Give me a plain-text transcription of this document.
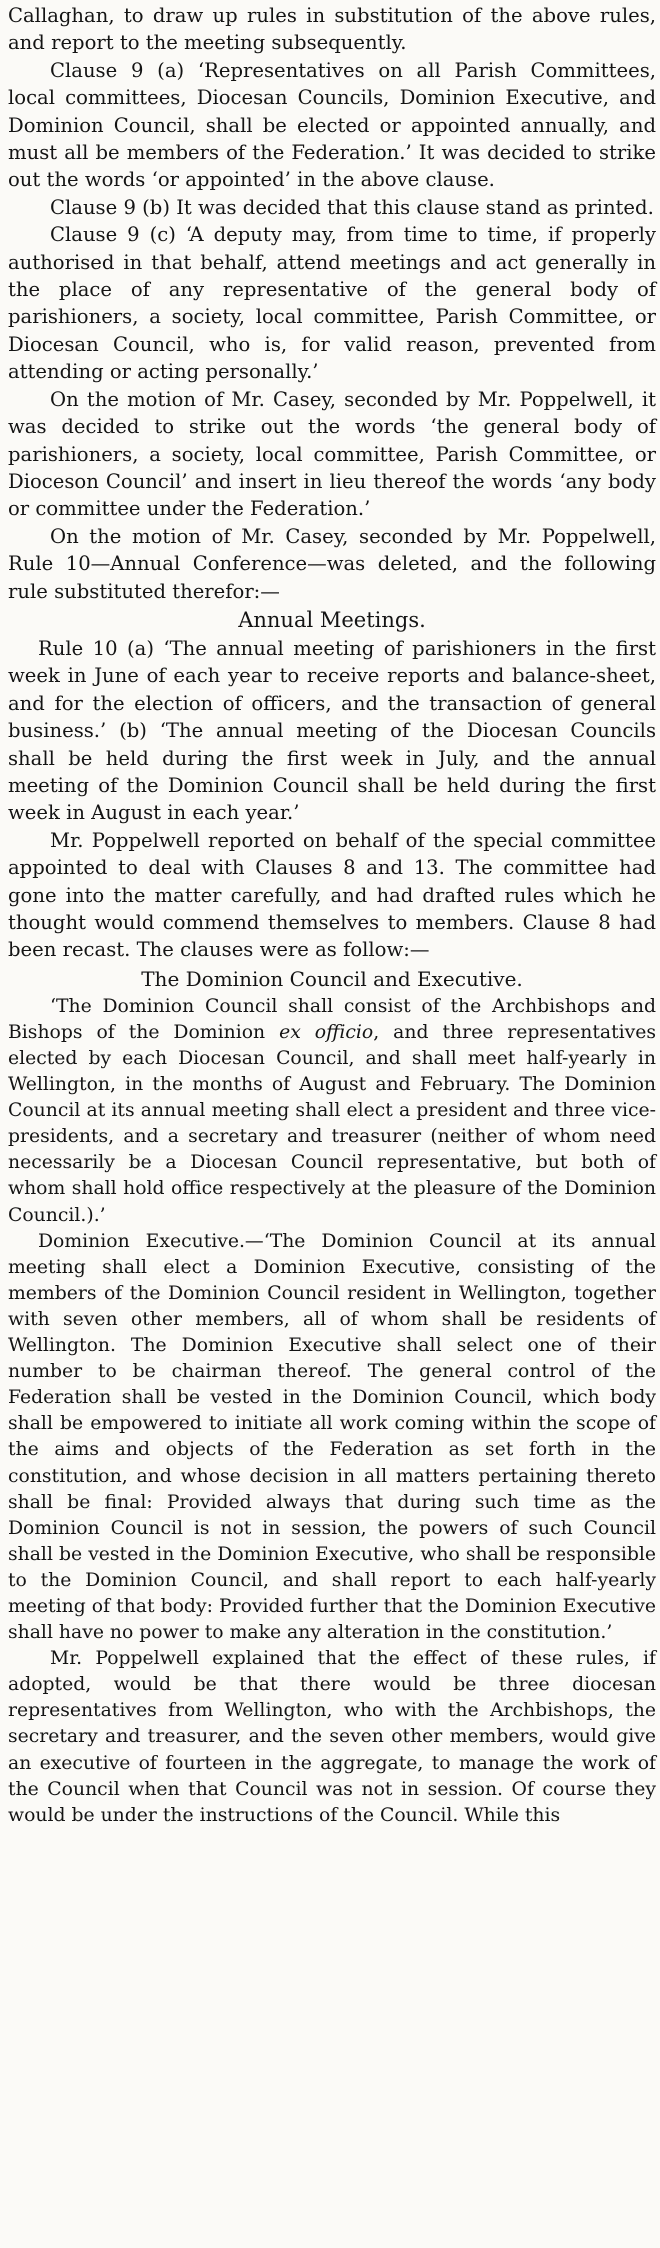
Callaghan, to draw up rules in substitution of the above rules, and report to the meeting subsequently.

Clause 9 (a) ‘Representatives on all Parish Committees, local committees, Diocesan Councils, Dominion Executive, and Dominion Council, shall be elected or appointed annually, and must all be members of the Federation.’ It was decided to strike out the words ‘or appointed’ in the above clause.

Clause 9 (b) It was decided that this clause stand as printed.

Clause 9 (c) ‘A deputy may, from time to time, if properly authorised in that behalf, attend meetings and act generally in the place of any representative of the general body of parishioners, a society, local committee, Parish Committee, or Diocesan Council, who is, for valid reason, prevented from attending or acting personally.’

On the motion of Mr. Casey, seconded by Mr. Poppelwell, it was decided to strike out the words ‘the general body of parishioners, a society, local committee, Parish Committee, or Dioceson Council’ and insert in lieu thereof the words ‘any body or committee under the Federation.’

On the motion of Mr. Casey, seconded by Mr. Poppelwell, Rule 10—Annual Conference—was deleted, and the following rule substituted therefor:—

Annual Meetings.

Rule 10 (a) ‘The annual meeting of parishioners in the first week in June of each year to receive reports and balance-sheet, and for the election of officers, and the transaction of general business.’ (b) ‘The annual meeting of the Diocesan Councils shall be held during the first week in July, and the annual meeting of the Dominion Council shall be held during the first week in August in each year.’

Mr. Poppelwell reported on behalf of the special committee appointed to deal with Clauses 8 and 13. The committee had gone into the matter carefully, and had drafted rules which he thought would commend themselves to members. Clause 8 had been recast. The clauses were as follow:—

The Dominion Council and Executive.

‘The Dominion Council shall consist of the Archbishops and Bishops of the Dominion ex officio, and three representatives elected by each Diocesan Council, and shall meet half-yearly in Wellington, in the months of August and February. The Dominion Council at its annual meeting shall elect a president and three vice-presidents, and a secretary and treasurer (neither of whom need necessarily be a Diocesan Council representative, but both of whom shall hold office respectively at the pleasure of the Dominion Council.).’

Dominion Executive.—‘The Dominion Council at its annual meeting shall elect a Dominion Executive, consisting of the members of the Dominion Council resident in Wellington, together with seven other members, all of whom shall be residents of Wellington. The Dominion Executive shall select one of their number to be chairman thereof. The general control of the Federation shall be vested in the Dominion Council, which body shall be empowered to initiate all work coming within the scope of the aims and objects of the Federation as set forth in the constitution, and whose decision in all matters pertaining thereto shall be final: Provided always that during such time as the Dominion Council is not in session, the powers of such Council shall be vested in the Dominion Executive, who shall be responsible to the Dominion Council, and shall report to each half-yearly meeting of that body: Provided further that the Dominion Executive shall have no power to make any alteration in the constitution.’

Mr. Poppelwell explained that the effect of these rules, if adopted, would be that there would be three diocesan representatives from Wellington, who with the Archbishops, the secretary and treasurer, and the seven other members, would give an executive of fourteen in the aggregate, to manage the work of the Council when that Council was not in session. Of course they would be under the instructions of the Council. While this
